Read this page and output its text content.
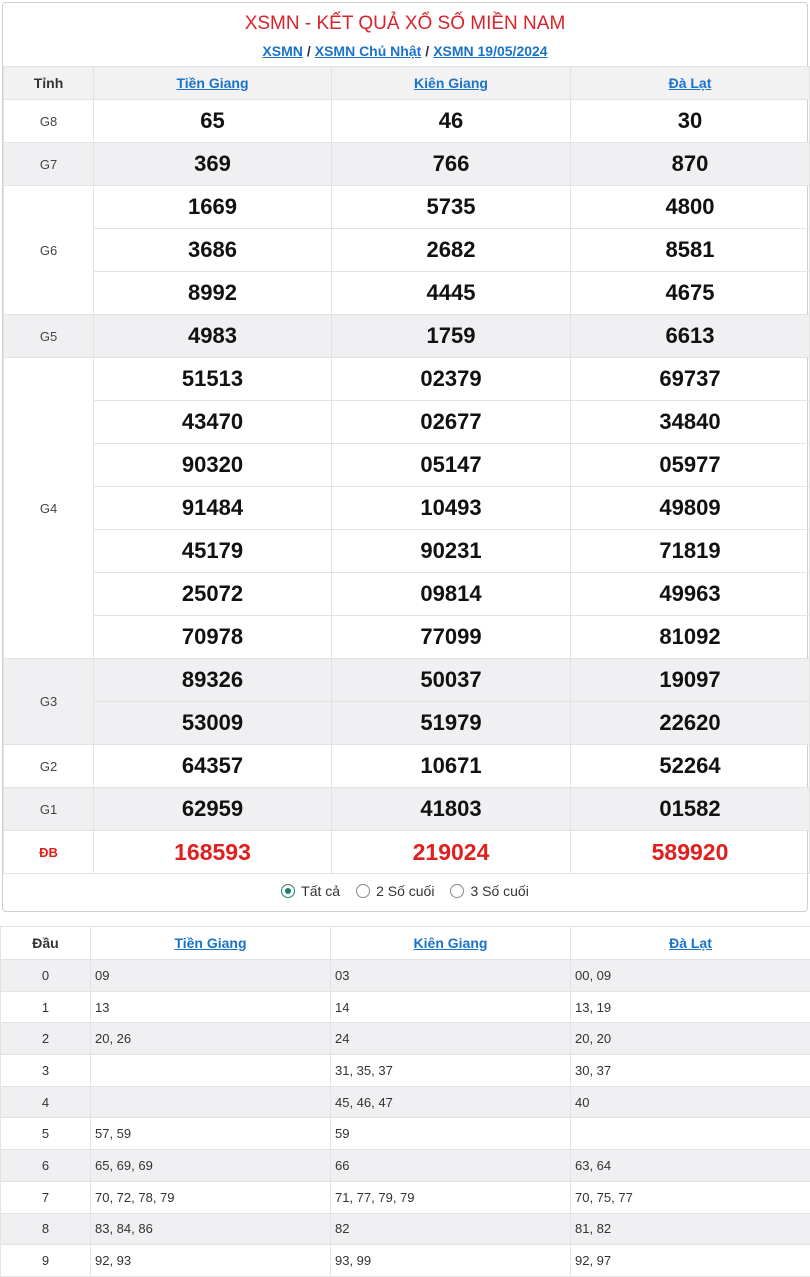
XSMN - KẾT QUẢ XỔ SỐ MIỀN NAM
XSMN / XSMN Chủ Nhật / XSMN 19/05/2024
Tỉnh	Tiền Giang	Kiên Giang	Đà Lạt
G8	65	46	30
G7	369	766	870
G6	1669	5735	4800
	3686	2682	8581
	8992	4445	4675
G5	4983	1759	6613
G4	51513	02379	69737
	43470	02677	34840
	90320	05147	05977
	91484	10493	49809
	45179	90231	71819
	25072	09814	49963
	70978	77099	81092
G3	89326	50037	19097
	53009	51979	22620
G2	64357	10671	52264
G1	62959	41803	01582
ĐB	168593	219024	589920
Tất cả	2 Số cuối	3 Số cuối
Đầu	Tiền Giang	Kiên Giang	Đà Lạt
0	09	03	00, 09
1	13	14	13, 19
2	20, 26	24	20, 20
3		31, 35, 37	30, 37
4		45, 46, 47	40
5	57, 59	59	
6	65, 69, 69	66	63, 64
7	70, 72, 78, 79	71, 77, 79, 79	70, 75, 77
8	83, 84, 86	82	81, 82
9	92, 93	93, 99	92, 97
